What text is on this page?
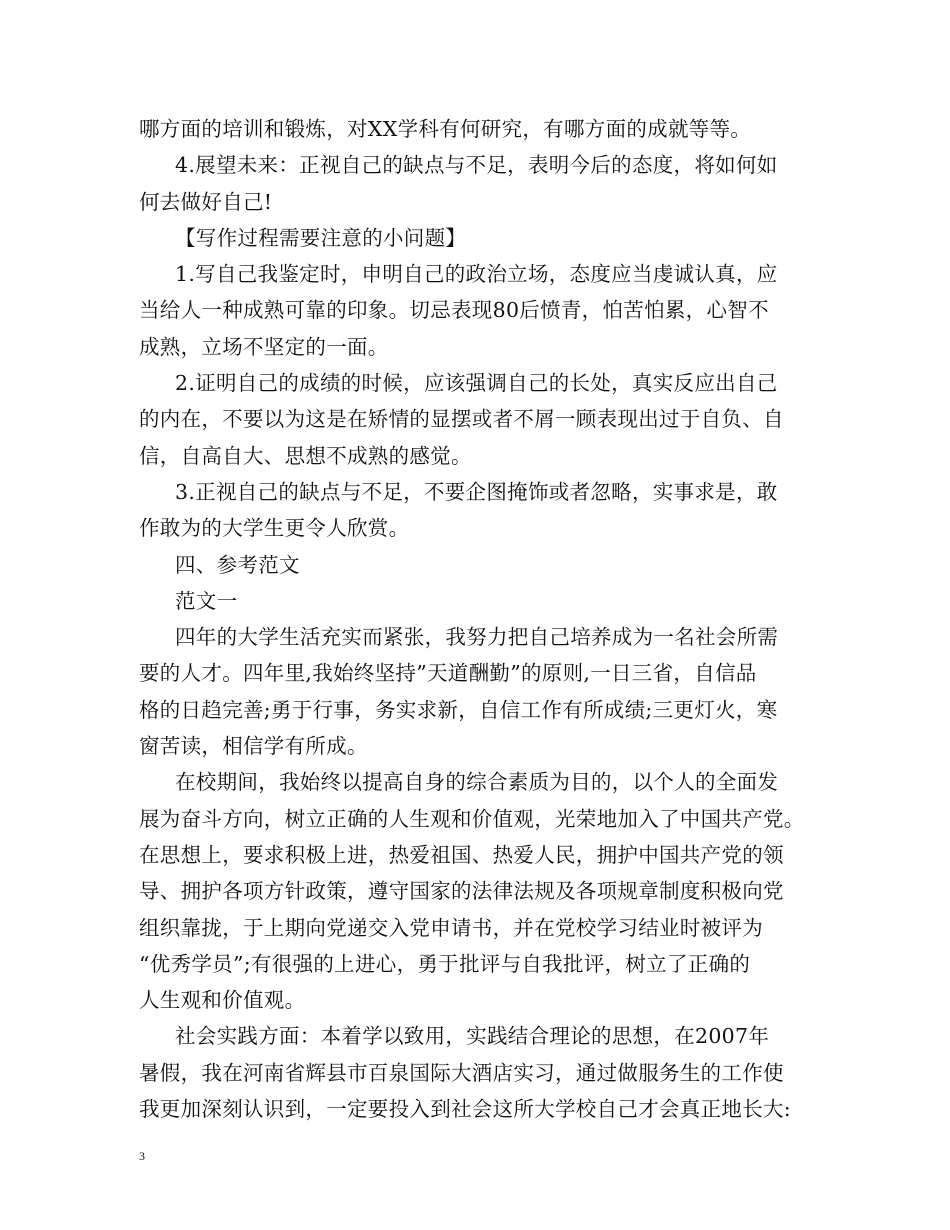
哪方面的培训和锻炼，对XX学科有何研究，有哪方面的成就等等。
4.展望未来：正视自己的缺点与不足，表明今后的态度，将如何如
何去做好自己!
【写作过程需要注意的小问题】
1.写自己我鉴定时，申明自己的政治立场，态度应当虔诚认真，应
当给人一种成熟可靠的印象。切忌表现80后愤青，怕苦怕累，心智不
成熟，立场不坚定的一面。
2.证明自己的成绩的时候，应该强调自己的长处，真实反应出自己
的内在，不要以为这是在矫情的显摆或者不屑一顾表现出过于自负、自
信，自高自大、思想不成熟的感觉。
3.正视自己的缺点与不足，不要企图掩饰或者忽略，实事求是，敢
作敢为的大学生更令人欣赏。
四、参考范文
范文一
四年的大学生活充实而紧张，我努力把自己培养成为一名社会所需
要的人才。四年里,我始终坚持”天道酬勤”的原则,一日三省，自信品
格的日趋完善;勇于行事，务实求新，自信工作有所成绩;三更灯火，寒
窗苦读，相信学有所成。
在校期间，我始终以提高自身的综合素质为目的，以个人的全面发
展为奋斗方向，树立正确的人生观和价值观，光荣地加入了中国共产党。
在思想上，要求积极上进，热爱祖国、热爱人民，拥护中国共产党的领
导、拥护各项方针政策，遵守国家的法律法规及各项规章制度积极向党
组织靠拢，于上期向党递交入党申请书，并在党校学习结业时被评为
“优秀学员”;有很强的上进心，勇于批评与自我批评，树立了正确的
人生观和价值观。
社会实践方面：本着学以致用，实践结合理论的思想，在2007年
暑假，我在河南省辉县市百泉国际大酒店实习，通过做服务生的工作使
我更加深刻认识到，一定要投入到社会这所大学校自己才会真正地长大:
3
